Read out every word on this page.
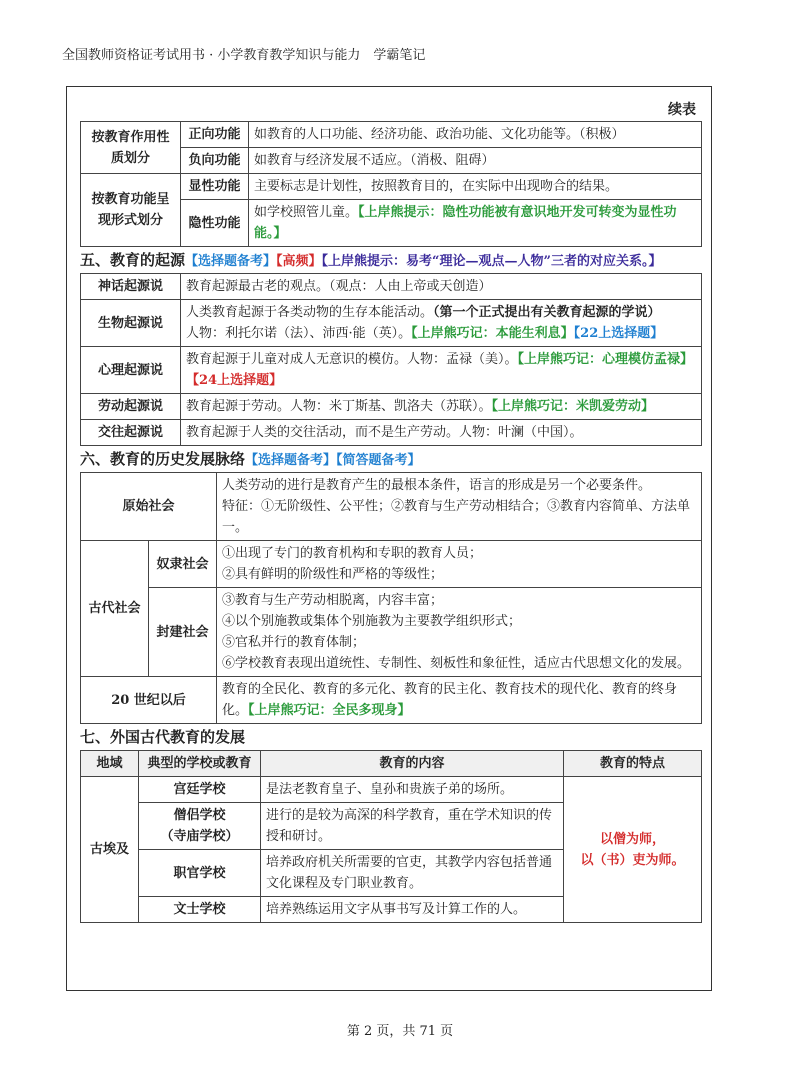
全国教师资格证考试用书 · 小学教育教学知识与能力　学霸笔记
续表
按教育作用性质划分	正向功能	如教育的人口功能、经济功能、政治功能、文化功能等。（积极）
	负向功能	如教育与经济发展不适应。（消极、阻碍）
按教育功能呈现形式划分	显性功能	主要标志是计划性，按照教育目的，在实际中出现吻合的结果。
	隐性功能	如学校照管儿童。【上岸熊提示：隐性功能被有意识地开发可转变为显性功能。】
五、教育的起源【选择题备考】【高频】【上岸熊提示：易考“理论—观点—人物”三者的对应关系。】
神话起源说	教育起源最古老的观点。（观点：人由上帝或天创造）
生物起源说	人类教育起源于各类动物的生存本能活动。（第一个正式提出有关教育起源的学说）
人物：利托尔诺（法）、沛西·能（英）。【上岸熊巧记：本能生利息】【22上选择题】
心理起源说	教育起源于儿童对成人无意识的模仿。人物：孟禄（美）。【上岸熊巧记：心理模仿孟禄】【24上选择题】
劳动起源说	教育起源于劳动。人物：米丁斯基、凯洛夫（苏联）。【上岸熊巧记：米凯爱劳动】
交往起源说	教育起源于人类的交往活动，而不是生产劳动。人物：叶澜（中国）。
六、教育的历史发展脉络【选择题备考】【简答题备考】
原始社会		人类劳动的进行是教育产生的最根本条件，语言的形成是另一个必要条件。
特征：①无阶级性、公平性；②教育与生产劳动相结合；③教育内容简单、方法单一。

古代社会	奴隶社会	①出现了专门的教育机构和专职的教育人员；
②具有鲜明的阶级性和严格的等级性；

	封建社会	③教育与生产劳动相脱离，内容丰富；
④以个别施教或集体个别施教为主要教学组织形式；
⑤官私并行的教育体制；
⑥学校教育表现出道统性、专制性、刻板性和象征性，适应古代思想文化的发展。

20 世纪以后		教育的全民化、教育的多元化、教育的民主化、教育技术的现代化、教育的终身化。【上岸熊巧记：全民多现身】
七、外国古代教育的发展
地域	典型的学校或教育	教育的内容	教育的特点
古埃及	宫廷学校	是法老教育皇子、皇孙和贵族子弟的场所。	以僧为师，
以（书）吏为师。

	僧侣学校
（寺庙学校）	进行的是较为高深的科学教育，重在学术知识的传授和研讨。	
	职官学校	培养政府机关所需要的官吏，其教学内容包括普通文化课程及专门职业教育。	
	文士学校	培养熟练运用文字从事书写及计算工作的人。	
第 2 页，共 71 页
